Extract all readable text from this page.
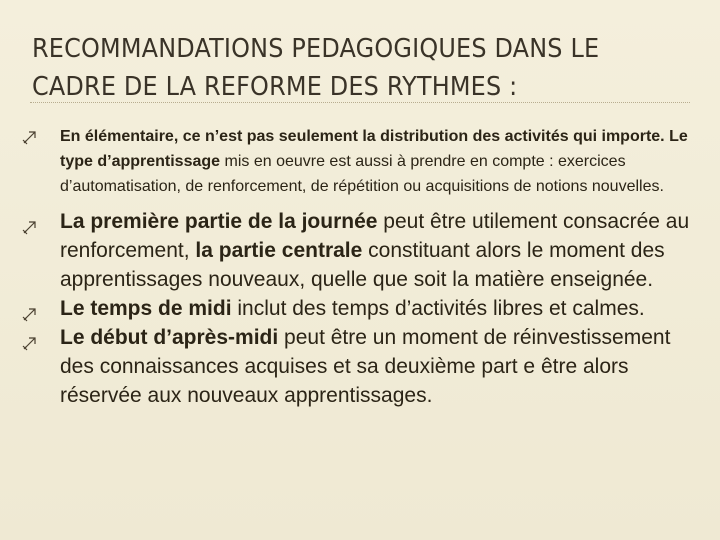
RECOMMANDATIONS PEDAGOGIQUES DANS LE
CADRE DE LA REFORME DES RYTHMES :
En élémentaire, ce n’est pas seulement la distribution des activités qui importe. Le type d’apprentissage mis en oeuvre est aussi à prendre en compte : exercices d’automatisation, de renforcement, de répétition ou acquisitions de notions nouvelles.
La première partie de la journée peut être utilement consacrée au renforcement, la partie centrale constituant alors le moment des apprentissages nouveaux, quelle que soit la matière enseignée.
Le temps de midi inclut des temps d’activités libres et calmes.
Le début d’après-midi peut être un moment de réinvestissement des connaissances acquises et sa deuxième part e être alors réservée aux nouveaux apprentissages.
